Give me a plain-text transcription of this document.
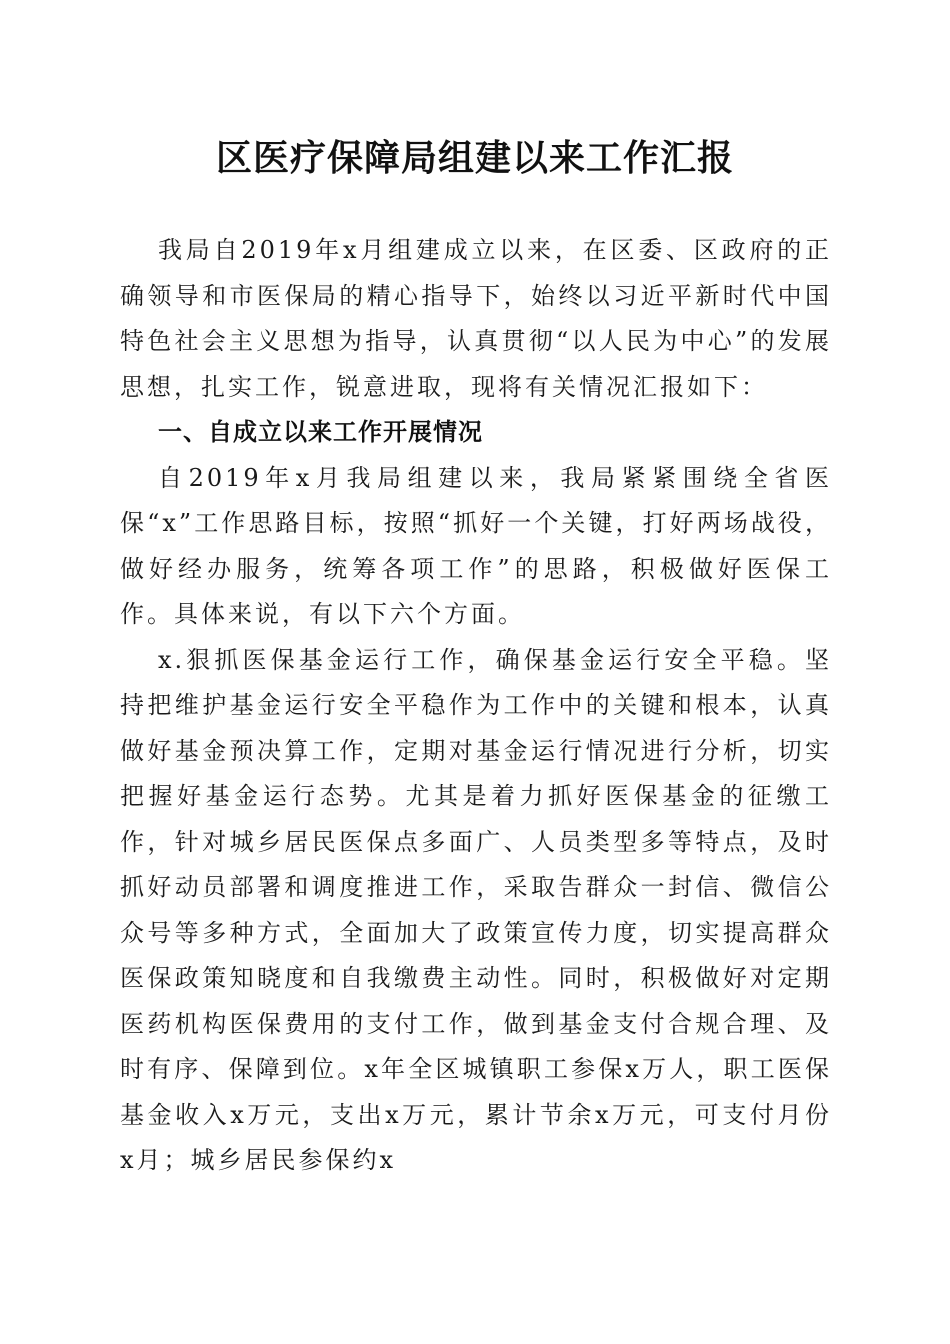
区医疗保障局组建以来工作汇报

我局自2019年x月组建成立以来，在区委、区政府的正确领导和市医保局的精心指导下，始终以习近平新时代中国特色社会主义思想为指导，认真贯彻“以人民为中心”的发展思想，扎实工作，锐意进取，现将有关情况汇报如下：

一、自成立以来工作开展情况

自2019年x月我局组建以来，我局紧紧围绕全省医保“x”工作思路目标，按照“抓好一个关键，打好两场战役，做好经办服务，统筹各项工作”的思路，积极做好医保工作。具体来说，有以下六个方面。

x.狠抓医保基金运行工作，确保基金运行安全平稳。坚持把维护基金运行安全平稳作为工作中的关键和根本，认真做好基金预决算工作，定期对基金运行情况进行分析，切实把握好基金运行态势。尤其是着力抓好医保基金的征缴工作，针对城乡居民医保点多面广、人员类型多等特点，及时抓好动员部署和调度推进工作，采取告群众一封信、微信公众号等多种方式，全面加大了政策宣传力度，切实提高群众医保政策知晓度和自我缴费主动性。同时，积极做好对定期医药机构医保费用的支付工作，做到基金支付合规合理、及时有序、保障到位。x年全区城镇职工参保x万人，职工医保基金收入x万元，支出x万元，累计节余x万元，可支付月份x月；城乡居民参保约x
